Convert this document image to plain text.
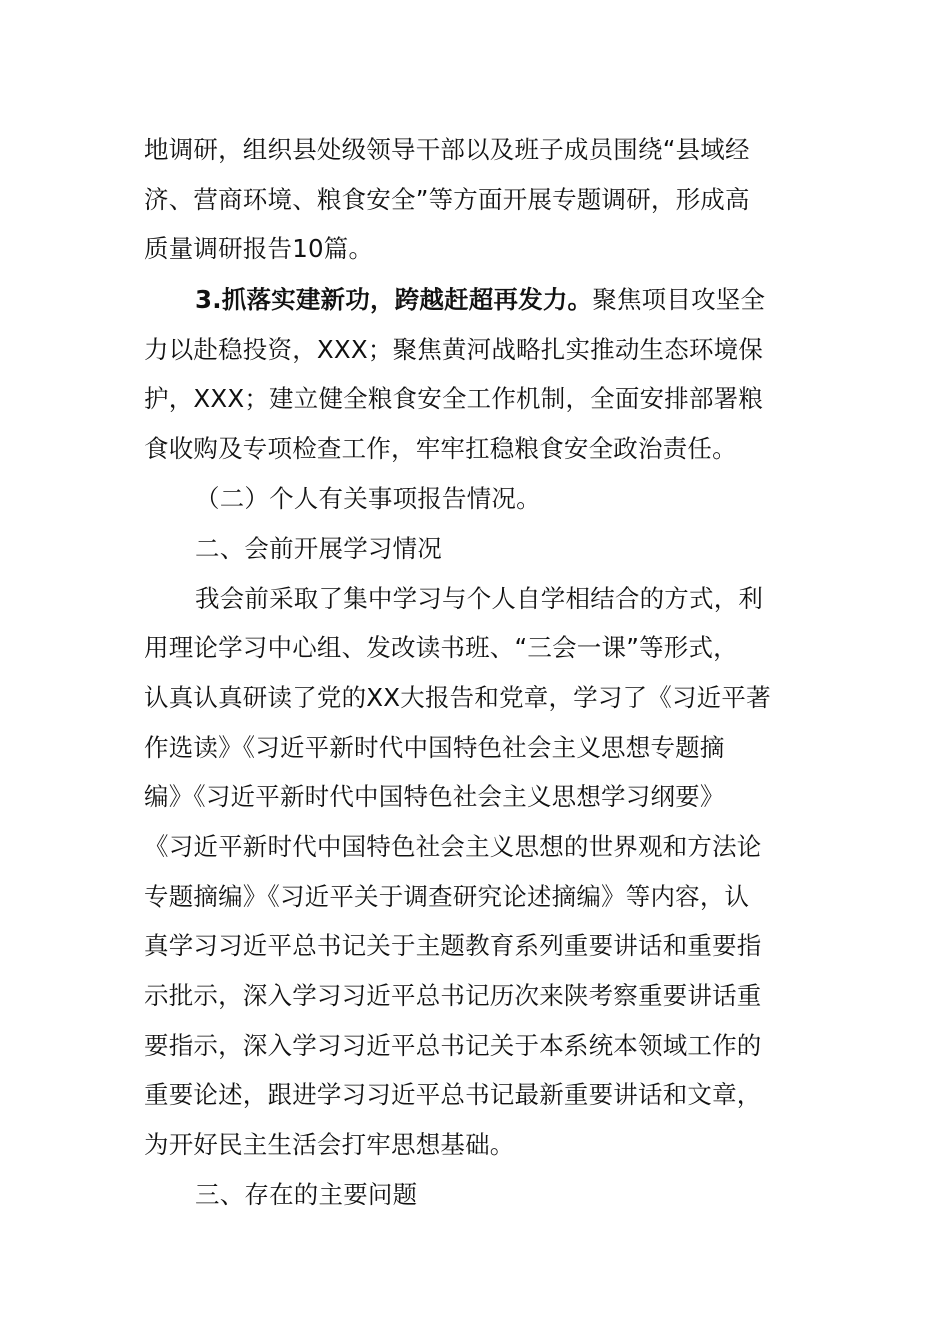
地调研，组织县处级领导干部以及班子成员围绕“县域经
济、营商环境、粮食安全”等方面开展专题调研，形成高
质量调研报告10篇。
3.抓落实建新功，跨越赶超再发力。聚焦项目攻坚全
力以赴稳投资，XXX；聚焦黄河战略扎实推动生态环境保
护，XXX；建立健全粮食安全工作机制，全面安排部署粮
食收购及专项检查工作，牢牢扛稳粮食安全政治责任。
（二）个人有关事项报告情况。
二、会前开展学习情况
我会前采取了集中学习与个人自学相结合的方式，利
用理论学习中心组、发改读书班、“三会一课”等形式，
认真认真研读了党的XX大报告和党章，学习了《习近平著
作选读》《习近平新时代中国特色社会主义思想专题摘
编》《习近平新时代中国特色社会主义思想学习纲要》
《习近平新时代中国特色社会主义思想的世界观和方法论
专题摘编》《习近平关于调查研究论述摘编》等内容，认
真学习习近平总书记关于主题教育系列重要讲话和重要指
示批示，深入学习习近平总书记历次来陕考察重要讲话重
要指示，深入学习习近平总书记关于本系统本领域工作的
重要论述，跟进学习习近平总书记最新重要讲话和文章，
为开好民主生活会打牢思想基础。
三、存在的主要问题
